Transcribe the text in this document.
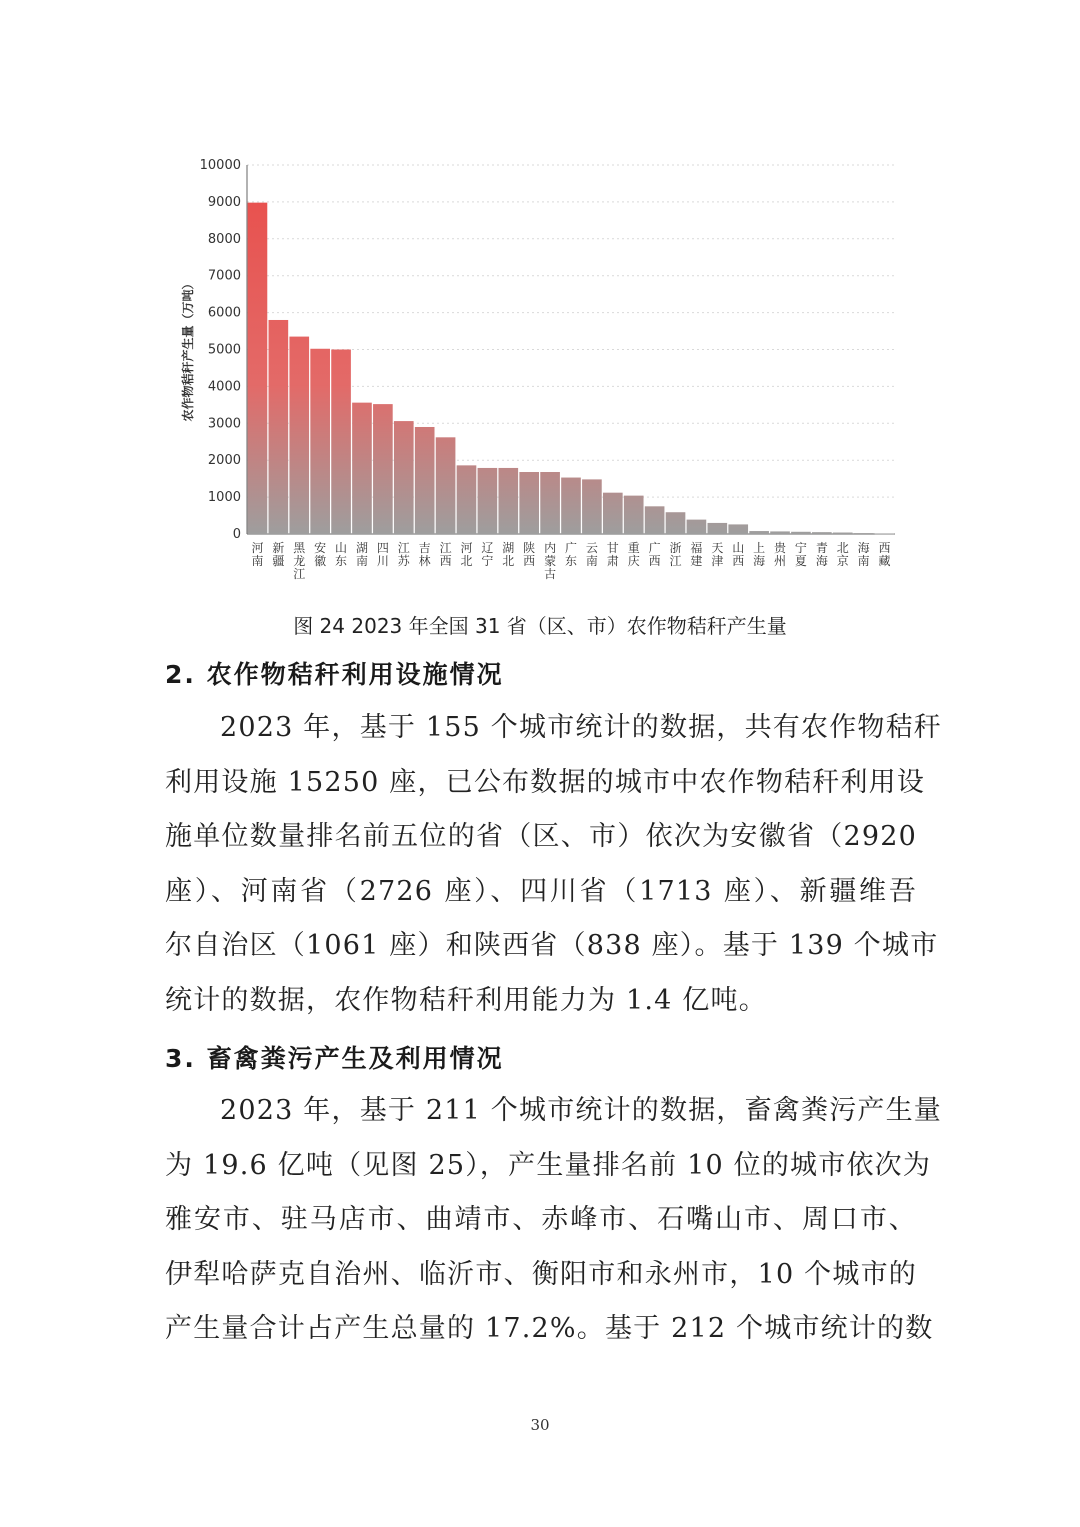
0
1000
2000
3000
4000
5000
6000
7000
8000
9000
10000
农作物秸秆产生量（万吨）
河南
新疆
黑龙江
安徽
山东
湖南
四川
江苏
吉林
江西
河北
辽宁
湖北
陕西
内蒙古
广东
云南
甘肃
重庆
广西
浙江
福建
天津
山西
上海
贵州
宁夏
青海
北京
海南
西藏
图 24 2023 年全国 31 省（区、市）农作物秸秆产生量
2. 农作物秸秆利用设施情况
2023 年，基于 155 个城市统计的数据，共有农作物秸秆
利用设施 15250 座，已公布数据的城市中农作物秸秆利用设
施单位数量排名前五位的省（区、市）依次为安徽省（2920
座）、河南省（2726 座）、四川省（1713 座）、新疆维吾
尔自治区（1061 座）和陕西省（838 座）。基于 139 个城市
统计的数据，农作物秸秆利用能力为 1.4 亿吨。
3. 畜禽粪污产生及利用情况
2023 年，基于 211 个城市统计的数据，畜禽粪污产生量
为 19.6 亿吨（见图 25），产生量排名前 10 位的城市依次为
雅安市、驻马店市、曲靖市、赤峰市、石嘴山市、周口市、
伊犁哈萨克自治州、临沂市、衡阳市和永州市，10 个城市的
产生量合计占产生总量的 17.2%。基于 212 个城市统计的数
30
